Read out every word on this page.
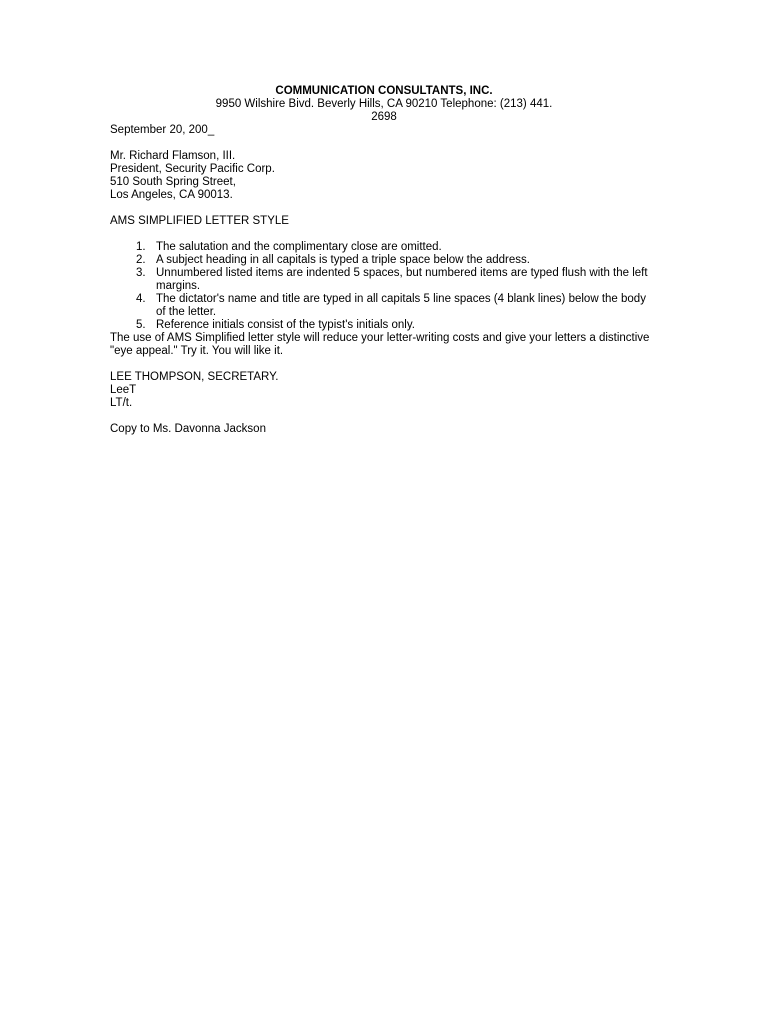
COMMUNICATION CONSULTANTS, INC.
9950 Wilshire Bivd. Beverly Hills, CA 90210 Telephone: (213) 441. 2698
September 20, 200_
Mr. Richard Flamson, III.
President, Security Pacific Corp.
510 South Spring Street,
Los Angeles, CA 90013.
AMS SIMPLIFIED LETTER STYLE
1. The salutation and the complimentary close are omitted.
2. A subject heading in all capitals is typed a triple space below the address.
3. Unnumbered listed items are indented 5 spaces, but numbered items are typed flush with the left margins.
4. The dictator's name and title are typed in all capitals 5 line spaces (4 blank lines) below the body of the letter.
5. Reference initials consist of the typist's initials only.
The use of AMS Simplified letter style will reduce your letter-writing costs and give your letters a distinctive "eye appeal." Try it. You will like it.
LEE THOMPSON, SECRETARY.
LeeT
LT/t.
Copy to Ms. Davonna Jackson
